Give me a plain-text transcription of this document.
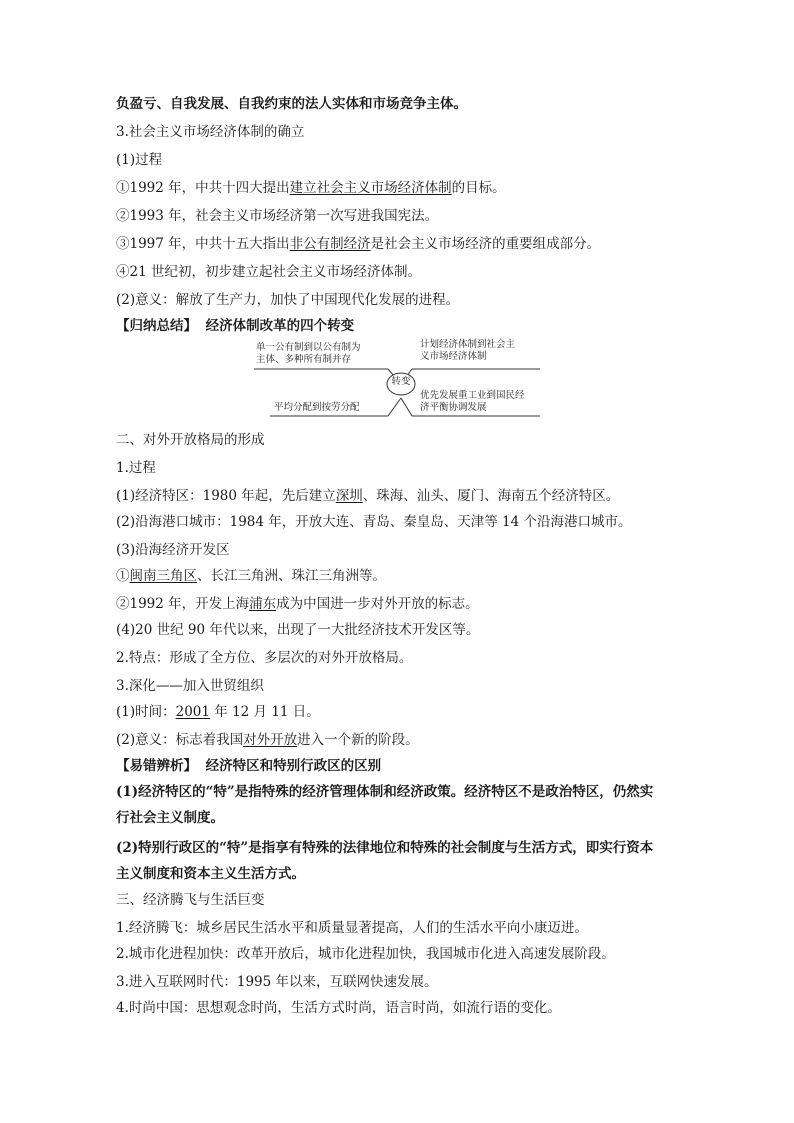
负盈亏、自我发展、自我约束的法人实体和市场竞争主体。
3.社会主义市场经济体制的确立
(1)过程
①1992 年，中共十四大提出建立社会主义市场经济体制的目标。
②1993 年，社会主义市场经济第一次写进我国宪法。
③1997 年，中共十五大指出非公有制经济是社会主义市场经济的重要组成部分。
④21 世纪初，初步建立起社会主义市场经济体制。
(2)意义：解放了生产力，加快了中国现代化发展的进程。
【归纳总结】 经济体制改革的四个转变
转变
单一公有制到以公有制为
主体、多种所有制并存
计划经济体制到社会主
义市场经济体制
平均分配到按劳分配
优先发展重工业到国民经
济平衡协调发展
二、对外开放格局的形成
1.过程
(1)经济特区：1980 年起，先后建立深圳、珠海、汕头、厦门、海南五个经济特区。
(2)沿海港口城市：1984 年，开放大连、青岛、秦皇岛、天津等 14 个沿海港口城市。
(3)沿海经济开发区
①闽南三角区、长江三角洲、珠江三角洲等。
②1992 年，开发上海浦东成为中国进一步对外开放的标志。
(4)20 世纪 90 年代以来，出现了一大批经济技术开发区等。
2.特点：形成了全方位、多层次的对外开放格局。
3.深化——加入世贸组织
(1)时间：2001 年 12 月 11 日。
(2)意义：标志着我国对外开放进入一个新的阶段。
【易错辨析】 经济特区和特别行政区的区别
(1)经济特区的“特”是指特殊的经济管理体制和经济政策。经济特区不是政治特区，仍然实
行社会主义制度。
(2)特别行政区的“特”是指享有特殊的法律地位和特殊的社会制度与生活方式，即实行资本
主义制度和资本主义生活方式。
三、经济腾飞与生活巨变
1.经济腾飞：城乡居民生活水平和质量显著提高，人们的生活水平向小康迈进。
2.城市化进程加快：改革开放后，城市化进程加快，我国城市化进入高速发展阶段。
3.进入互联网时代：1995 年以来，互联网快速发展。
4.时尚中国：思想观念时尚，生活方式时尚，语言时尚，如流行语的变化。
